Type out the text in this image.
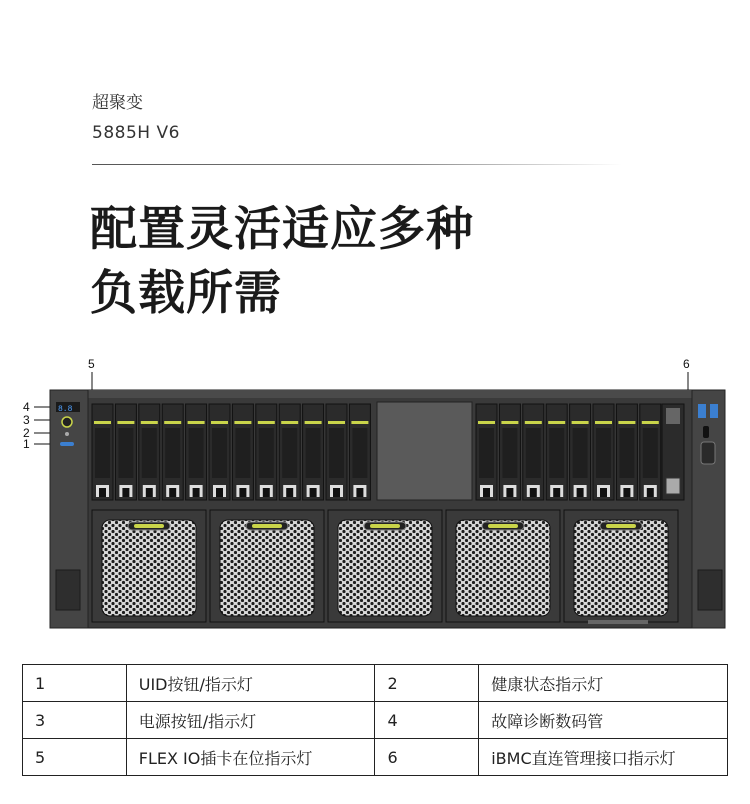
超聚变
5885H V6
配置灵活适应多种
负载所需
5	6
4
3
2
1
8.8
1	UID按钮/指示灯	2	健康状态指示灯
3	电源按钮/指示灯	4	故障诊断数码管
5	FLEX IO插卡在位指示灯	6	iBMC直连管理接口指示灯
